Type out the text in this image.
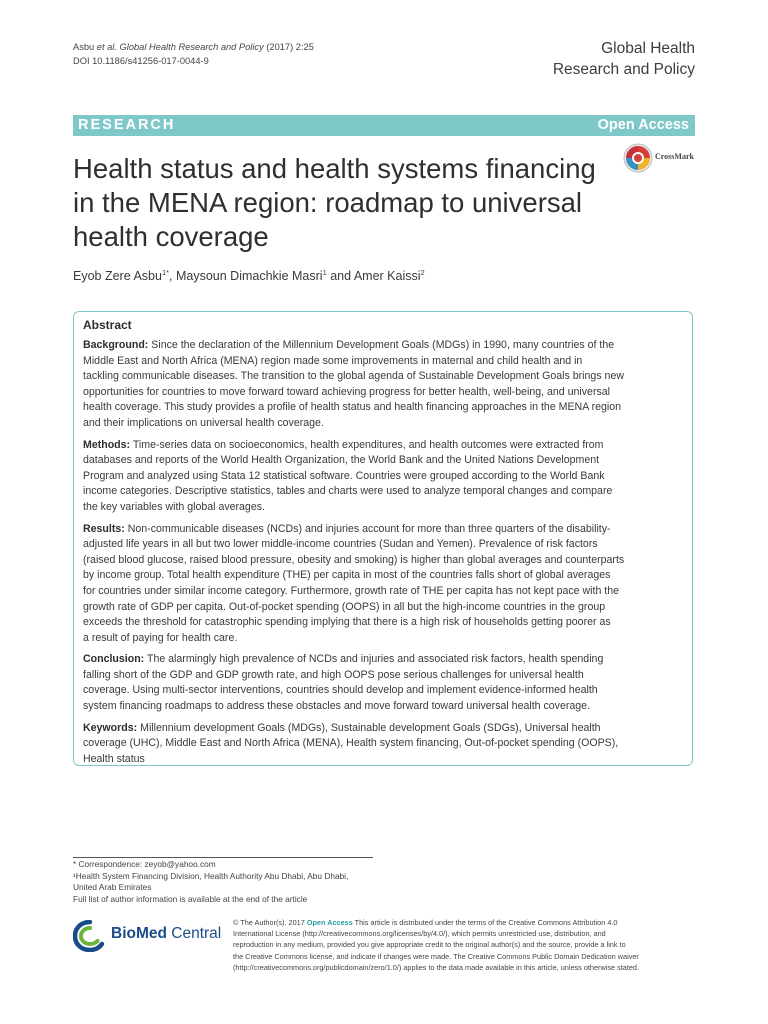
Asbu et al. Global Health Research and Policy (2017) 2:25
DOI 10.1186/s41256-017-0044-9
Global Health
Research and Policy
RESEARCH	Open Access
Health status and health systems financing
in the MENA region: roadmap to universal
health coverage
CrossMark
Eyob Zere Asbu$^{1*}$, Maysoun Dimachkie Masri$^1$ and Amer Kaissi$^2$
Abstract
Background: Since the declaration of the Millennium Development Goals (MDGs) in 1990, many countries of the
Middle East and North Africa (MENA) region made some improvements in maternal and child health and in
tackling communicable diseases. The transition to the global agenda of Sustainable Development Goals brings new
opportunities for countries to move forward toward achieving progress for better health, well-being, and universal
health coverage. This study provides a profile of health status and health financing approaches in the MENA region
and their implications on universal health coverage.
Methods: Time-series data on socioeconomics, health expenditures, and health outcomes were extracted from
databases and reports of the World Health Organization, the World Bank and the United Nations Development
Program and analyzed using Stata 12 statistical software. Countries were grouped according to the World Bank
income categories. Descriptive statistics, tables and charts were used to analyze temporal changes and compare
the key variables with global averages.
Results: Non-communicable diseases (NCDs) and injuries account for more than three quarters of the disability-
adjusted life years in all but two lower middle-income countries (Sudan and Yemen). Prevalence of risk factors
(raised blood glucose, raised blood pressure, obesity and smoking) is higher than global averages and counterparts
by income group. Total health expenditure (THE) per capita in most of the countries falls short of global averages
for countries under similar income category. Furthermore, growth rate of THE per capita has not kept pace with the
growth rate of GDP per capita. Out-of-pocket spending (OOPS) in all but the high-income countries in the group
exceeds the threshold for catastrophic spending implying that there is a high risk of households getting poorer as
a result of paying for health care.
Conclusion: The alarmingly high prevalence of NCDs and injuries and associated risk factors, health spending
falling short of the GDP and GDP growth rate, and high OOPS pose serious challenges for universal health
coverage. Using multi-sector interventions, countries should develop and implement evidence-informed health
system financing roadmaps to address these obstacles and move forward toward universal health coverage.
Keywords: Millennium development Goals (MDGs), Sustainable development Goals (SDGs), Universal health
coverage (UHC), Middle East and North Africa (MENA), Health system financing, Out-of-pocket spending (OOPS),
Health status
* Correspondence: zeyob@yahoo.com
¹Health System Financing Division, Health Authority Abu Dhabi, Abu Dhabi,
United Arab Emirates
Full list of author information is available at the end of the article
BioMed Central
© The Author(s). 2017 Open Access This article is distributed under the terms of the Creative Commons Attribution 4.0
International License (http://creativecommons.org/licenses/by/4.0/), which permits unrestricted use, distribution, and
reproduction in any medium, provided you give appropriate credit to the original author(s) and the source, provide a link to
the Creative Commons license, and indicate if changes were made. The Creative Commons Public Domain Dedication waiver
(http://creativecommons.org/publicdomain/zero/1.0/) applies to the data made available in this article, unless otherwise stated.
